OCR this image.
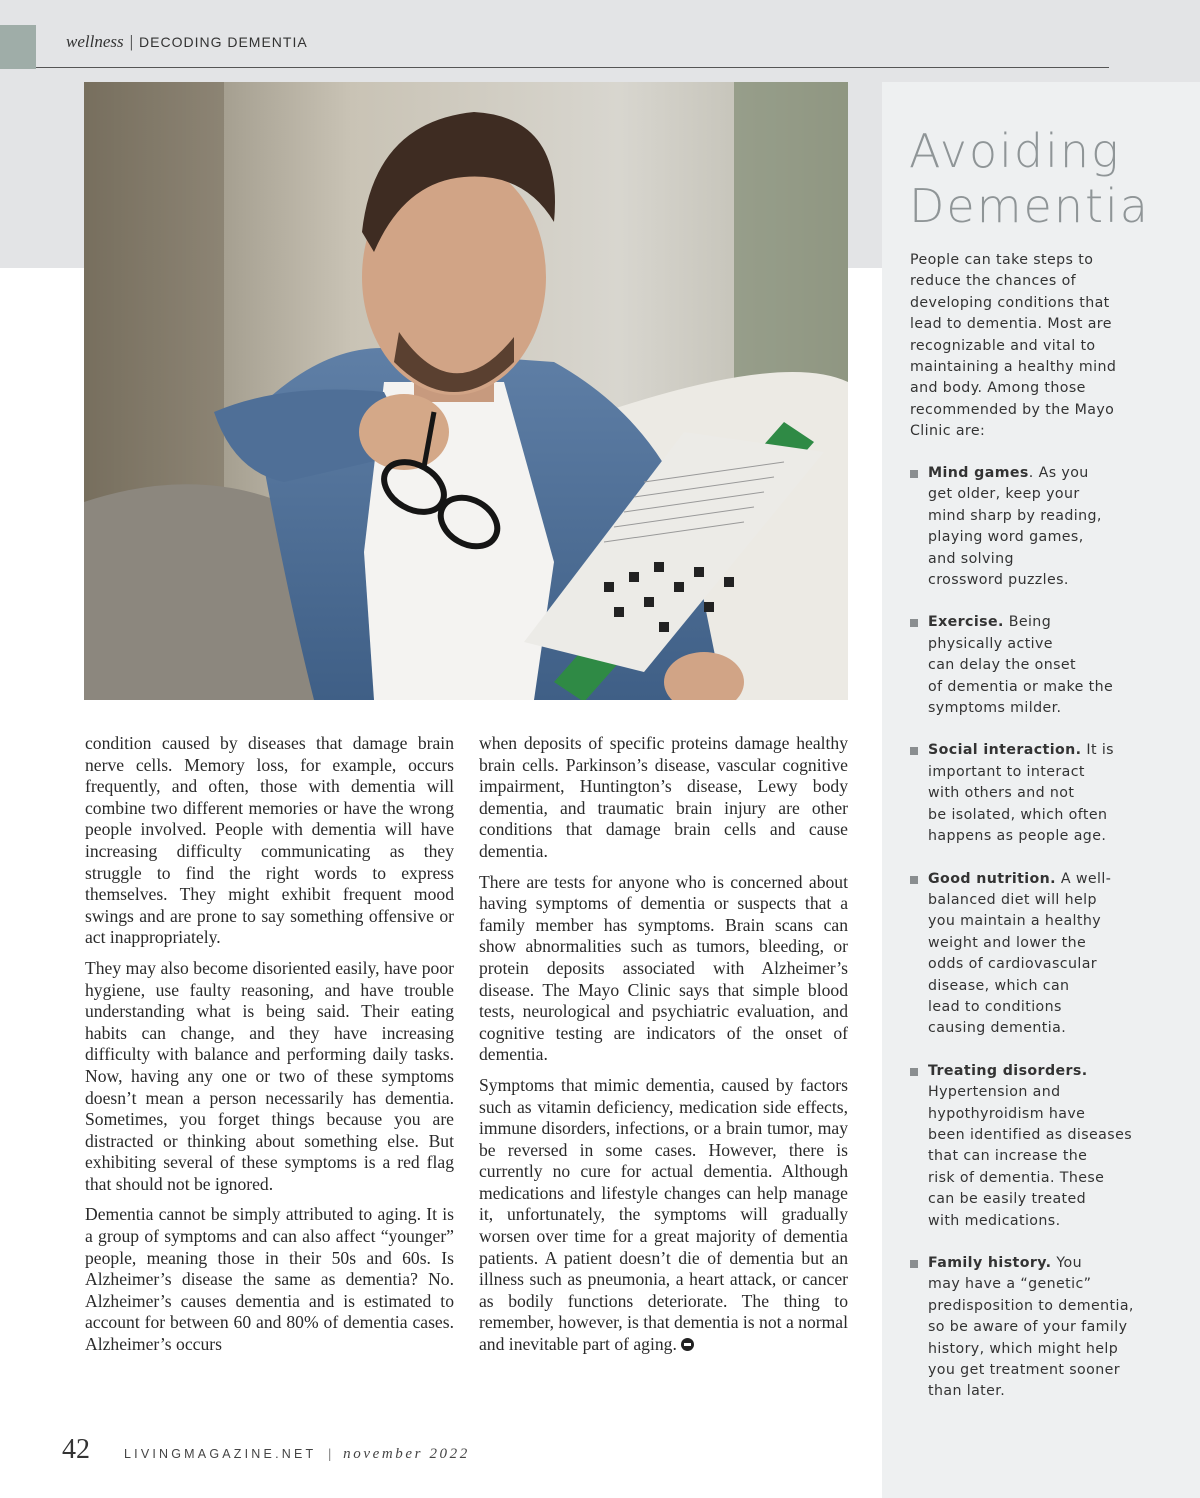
wellness | DECODING DEMENTIA
Avoiding
Dementia
People can take steps to reduce the chances of developing conditions that lead to dementia. Most are recognizable and vital to maintaining a healthy mind and body. Among those recommended by the Mayo Clinic are:
Mind games. As you
get older, keep your
mind sharp by reading,
playing word games,
and solving
crossword puzzles.
Exercise. Being
physically active
can delay the onset
of dementia or make the
symptoms milder.
Social interaction. It is
important to interact
with others and not
be isolated, which often
happens as people age.
Good nutrition. A well-
balanced diet will help
you maintain a healthy
weight and lower the
odds of cardiovascular
disease, which can
lead to conditions
causing dementia.
Treating disorders.
Hypertension and
hypothyroidism have
been identified as diseases
that can increase the
risk of dementia. These
can be easily treated
with medications.
Family history. You
may have a “genetic”
predisposition to dementia,
so be aware of your family
history, which might help
you get treatment sooner
than later.

condition caused by diseases that damage brain nerve cells. Memory loss, for example, occurs frequently, and often, those with dementia will combine two different memories or have the wrong people involved. People with dementia will have increasing difficulty communicating as they struggle to find the right words to express themselves. They might exhibit frequent mood swings and are prone to say something offensive or act inappropriately.

They may also become disoriented easily, have poor hygiene, use faulty reasoning, and have trouble understanding what is being said. Their eating habits can change, and they have increasing difficulty with balance and performing daily tasks. Now, having any one or two of these symptoms doesn’t mean a person necessarily has dementia. Sometimes, you forget things because you are distracted or thinking about something else. But exhibiting several of these symptoms is a red flag that should not be ignored.

Dementia cannot be simply attributed to aging. It is a group of symptoms and can also affect “younger” people, meaning those in their 50s and 60s. Is Alzheimer’s disease the same as dementia? No. Alzheimer’s causes dementia and is estimated to account for between 60 and 80% of dementia cases. Alzheimer’s occurs

when deposits of specific proteins damage healthy brain cells. Parkinson’s disease, vascular cognitive impairment, Huntington’s disease, Lewy body dementia, and traumatic brain injury are other conditions that damage brain cells and cause dementia.

There are tests for anyone who is concerned about having symptoms of dementia or suspects that a family member has symptoms. Brain scans can show abnormalities such as tumors, bleeding, or protein deposits associated with Alzheimer’s disease. The Mayo Clinic says that simple blood tests, neurological and psychiatric evaluation, and cognitive testing are indicators of the onset of dementia.

Symptoms that mimic dementia, caused by factors such as vitamin deficiency, medication side effects, immune disorders, infections, or a brain tumor, may be reversed in some cases. However, there is currently no cure for actual dementia. Although medications and lifestyle changes can help manage it, unfortunately, the symptoms will gradually worsen over time for a great majority of dementia patients. A patient doesn’t die of dementia but an illness such as pneumonia, a heart attack, or cancer as bodily functions deteriorate. The thing to remember, however, is that dementia is not a normal and inevitable part of aging.

42	LIVINGMAGAZINE.NET | november 2022
